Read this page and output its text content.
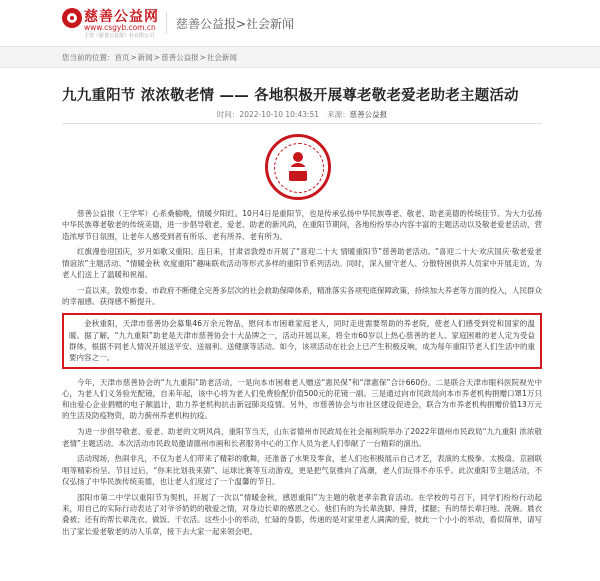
慈善公益网
www.csgyb.com.cn
主管《慈善公益报》社有限公司
慈善公益报>社会新闻
您当前的位置：首页>新闻>慈善公益报>社会新闻
九九重阳节 浓浓敬老情 —— 各地积极开展尊老敬老爱老助老主题活动
时间：2022-10-10 10:43:51 来源：慈善公益报

慈善公益报（王学军）心系桑榆晚，情暖夕阳红。10月4日是重阳节，也是传承弘扬中华民族尊老、敬老、助老美德的传统佳节。为大力弘扬中华民族尊老敬老的传统美德，进一步倡导敬老、爱老、助老的新风尚，在重阳节期间，各地纷纷举办内容丰富的主题活动以及敬老爱老活动，营造浓厚节日氛围，让老年人感受到者有所乐、老有所养、老有所为。

红旗漫卷迎国庆，岁月如歌又重阳。连日来，甘肃省敦煌市开展了“喜迎二十大 情暖重阳节”慈善助老活动、“喜迎二十大·欢庆国庆·敬老爱老情谊浓”主题活动、“情暖金秋 欢度重阳”趣味联欢活动等形式多样的重阳节系列活动。同时，深入留守老人、分散特困供养人员家中开展走访，为老人们送上了温暖和祝福。

一直以来，敦煌市委、市政府不断健全完善多层次的社会救助保障体系，精准落实各项兜底保障政策，持续加大养老等方面的投入，人民群众的幸福感、获得感不断提升。

金秋重阳，天津市慈善协会募集46万余元物品，慰问本市困难家庭老人，同时走进需要帮助的养老院，使老人们感受到党和国家的温暖。据了解，“九九重阳”助老是天津市慈善协会十大品牌之一，活动开展以来，将全市60岁以上热心慈善的老人、家庭困难的老人定为受益群体，根据不同老人情况开展送平安、送福利、送健康等活动。如今，该项活动在社会上已产生积极反响，成为每年重阳节老人们生活中的重要内容之一。

今年，天津市慈善协会的“九九重阳”助老活动，一是向本市困难老人赠送“惠民保”和“津惠保”合计660份。二是联合天津市眼科医院视光中心，为老人们义务验光配镜，自来年起，该中心将为老人们免费验配价值500元的花镜一副。三是通过向市民政局向本市养老机构捐赠口罩1万只和由爱心企业捐赠的电子额温计，助力养老机构抗击新冠肺炎疫情。另外，市慈善协会与市社区建设促进会，联合为市养老机构捐赠价值13万元的生活及防疫物资，助力蓟州养老机构抗疫。

为进一步倡导敬老、爱老、助老的文明风尚，重阳节当天，山东省德州市民政局在社会福利院举办了2022年德州市民政局“九九重阳 浓浓敬老情”主题活动。本次活动市民政局邀请德州市画和长者服务中心的工作人员为老人们奉献了一台精彩的演出。

活动现场，热闹非凡，不仅为老人们带来了精彩的歌舞，还准备了水果及零食，老人们也积极展示自己才艺，表演的太极拳、太极扇、京剧联唱等精彩纷呈。节目过后，“你来比划我来猜”、运球比赛等互动游戏，更是把气氛推向了高潮，老人们玩得不亦乐乎。此次重阳节主题活动，不仅弘扬了中华民族传统美德，也让老人们度过了一个温馨的节日。

邵阳市第二中学以重阳节为契机，开展了一次以“情暖金秋，感恩重阳”为主题的敬老孝亲教育活动。在学校的号召下，同学们纷纷行动起来，用自己的实际行动表达了对爷爷奶奶的敬爱之情，对身边长辈的感恩之心。他们有的为长辈洗脚、捶背，揉腿；有的帮长辈扫地、洗碗、晨衣叠被；还有的帮长辈洗衣、做饭、干农活。这些小小的举动，忙碌的身影，传递的是对家里老人满满的爱，彼此一个小小的举动，看似简单，请写出了家长爱老敬老的动人乐章，接下去大家一起来领会吧。
